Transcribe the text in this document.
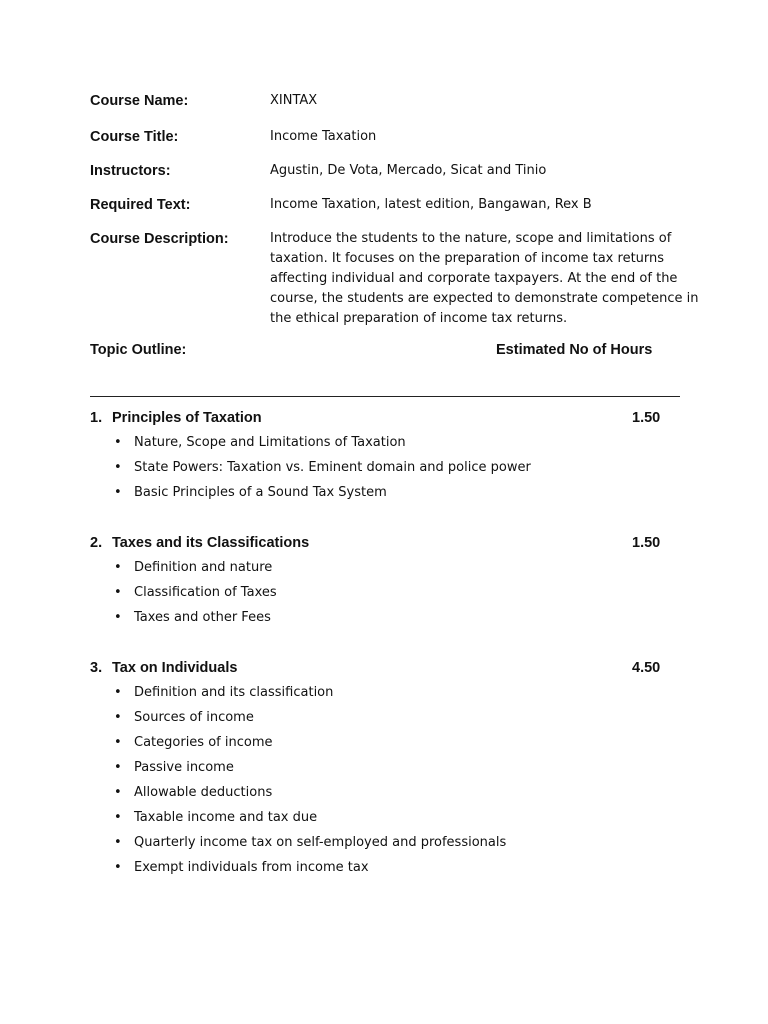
Course Name:	XINTAX
Course Title:	Income Taxation
Instructors:	Agustin, De Vota, Mercado, Sicat and Tinio
Required Text:	Income Taxation, latest edition, Bangawan, Rex B
Course Description:	Introduce the students to the nature, scope and limitations of
taxation. It focuses on the preparation of income tax returns
affecting individual and corporate taxpayers. At the end of the
course, the students are expected to demonstrate competence in
the ethical preparation of income tax returns.
Topic Outline:	Estimated No of Hours
1. Principles of Taxation	1.50
• Nature, Scope and Limitations of Taxation
• State Powers: Taxation vs. Eminent domain and police power
• Basic Principles of a Sound Tax System
2. Taxes and its Classifications	1.50
• Definition and nature
• Classification of Taxes
• Taxes and other Fees
3. Tax on Individuals	4.50
• Definition and its classification
• Sources of income
• Categories of income
• Passive income
• Allowable deductions
• Taxable income and tax due
• Quarterly income tax on self-employed and professionals
• Exempt individuals from income tax
